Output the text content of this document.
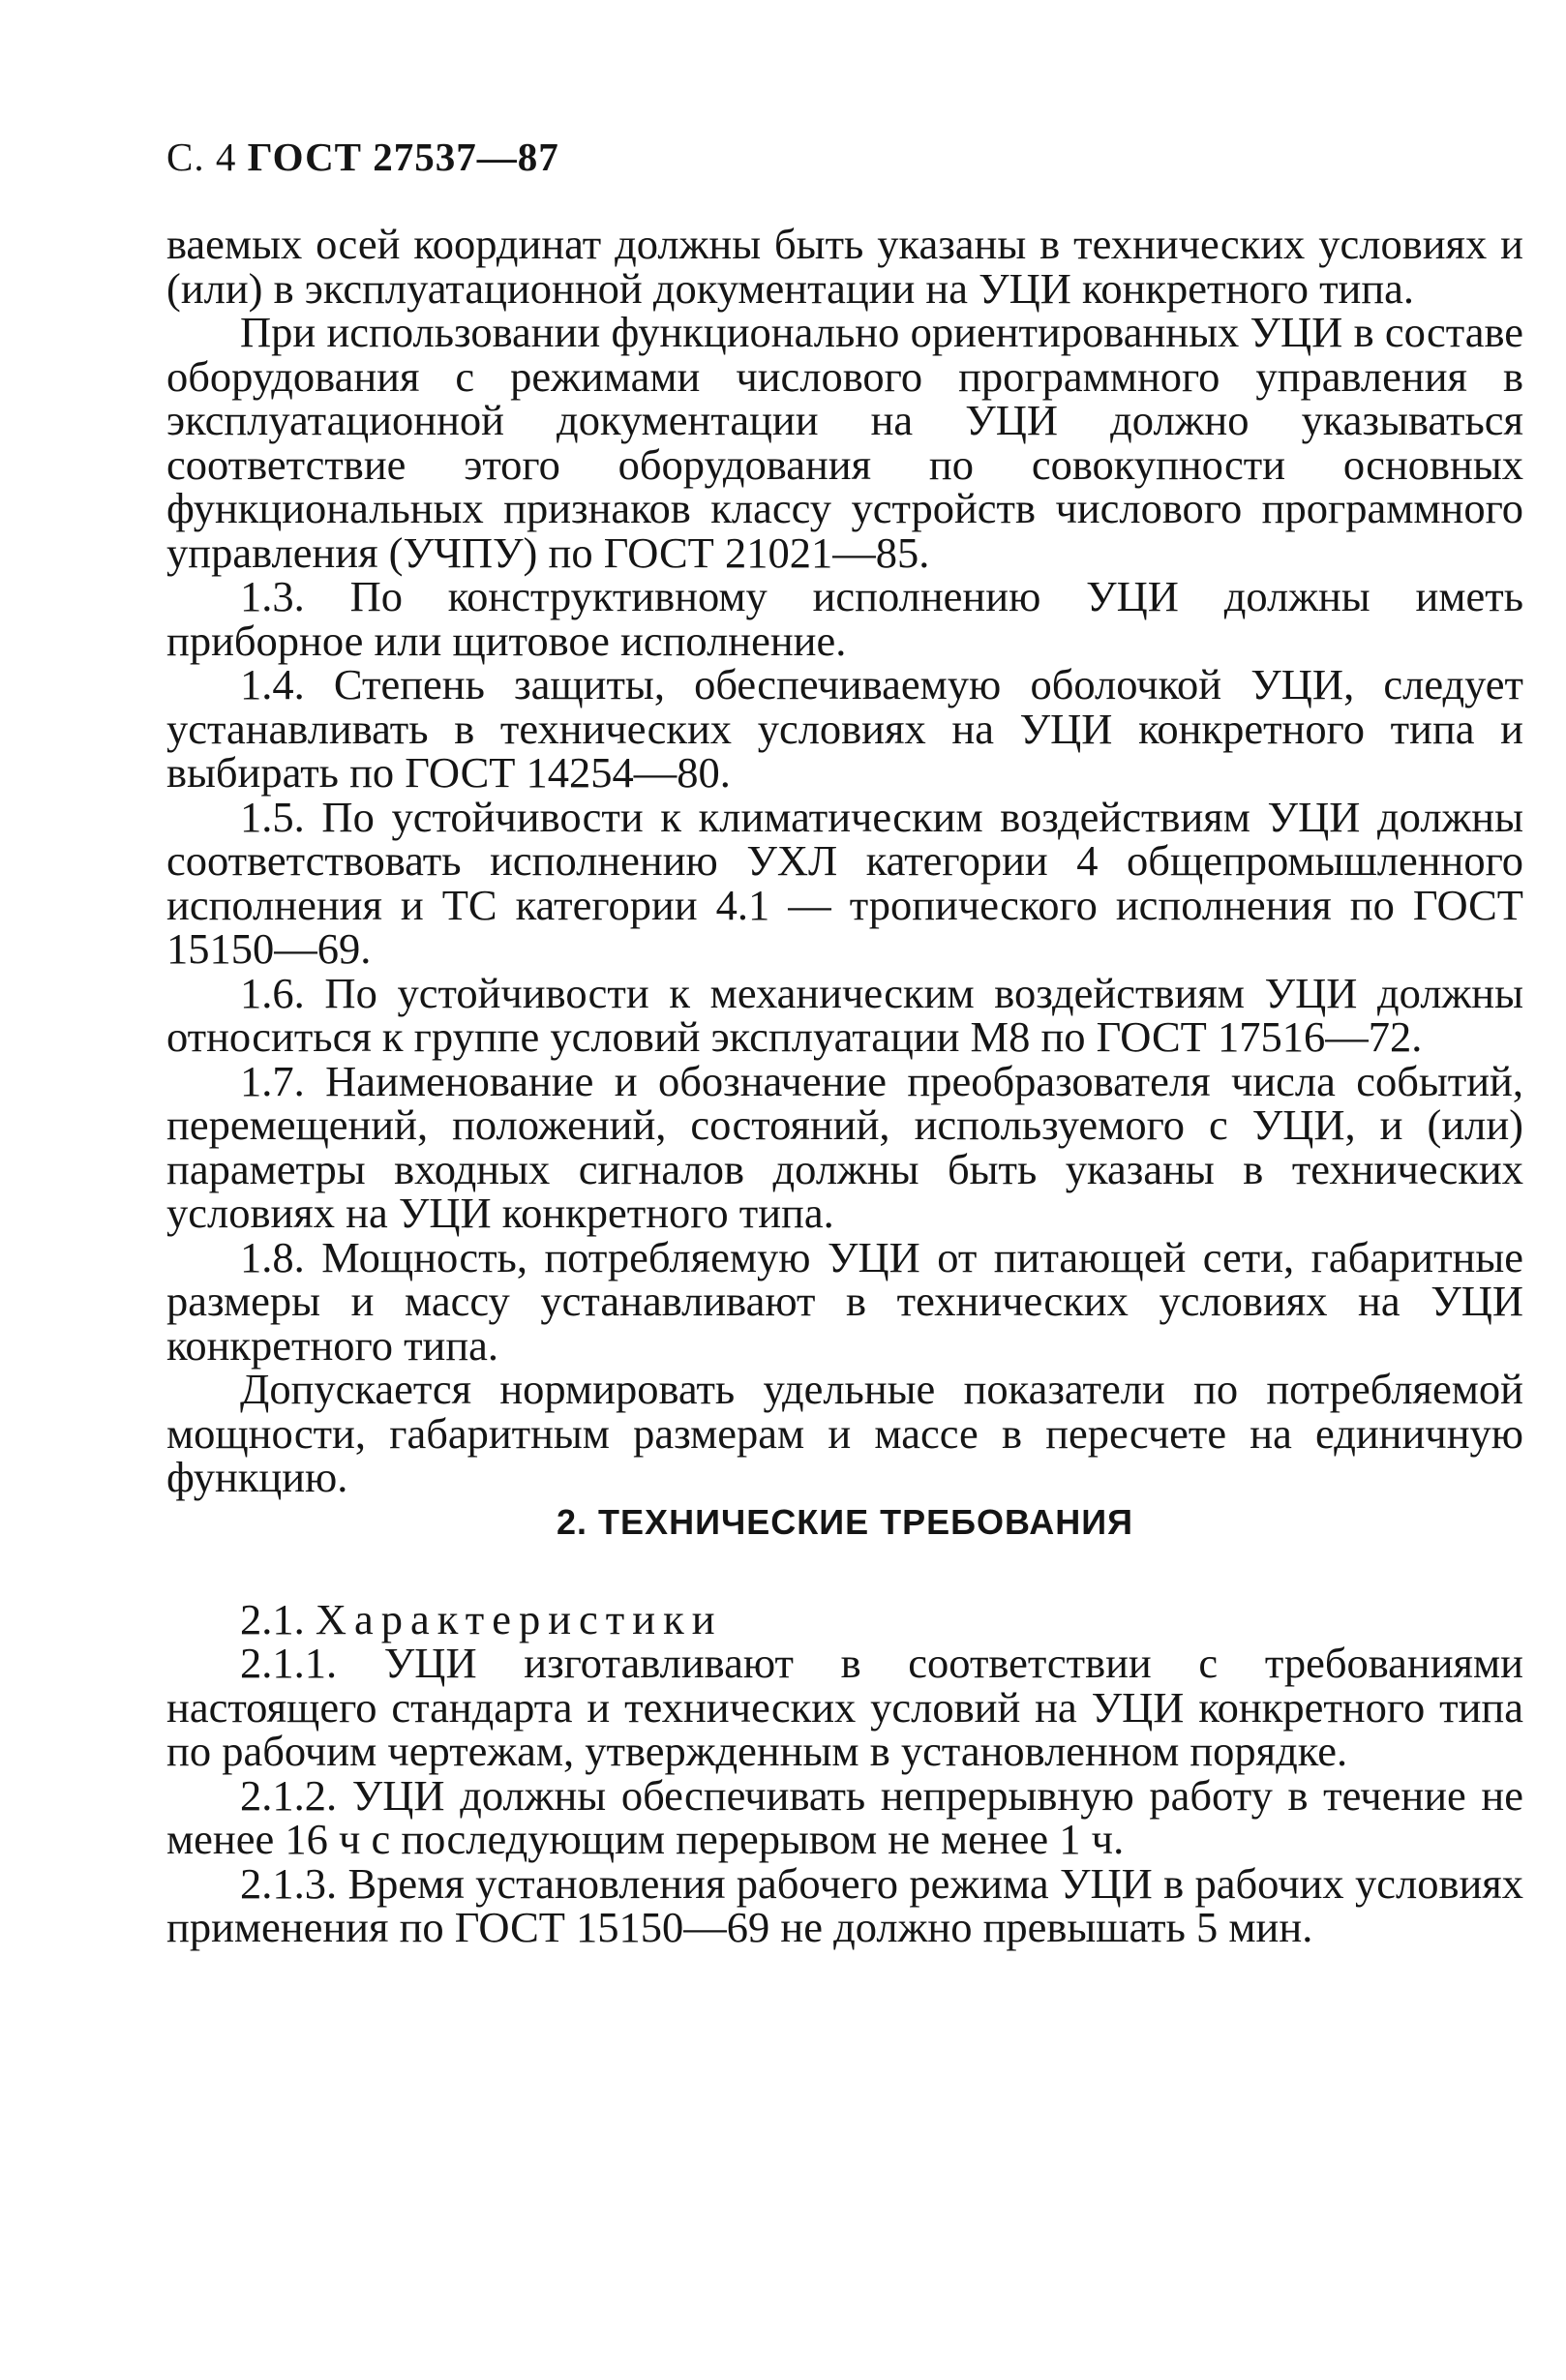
С. 4 ГОСТ 27537—87

ваемых осей координат должны быть указаны в технических условиях и (или) в эксплуатационной документации на УЦИ конкретного типа.

При использовании функционально ориентированных УЦИ в составе оборудования с режимами числового программного управления в эксплуатационной документации на УЦИ должно указываться соответствие этого оборудования по совокупности основных функциональных признаков классу устройств числового программного управления (УЧПУ) по ГОСТ 21021—85.

1.3. По конструктивному исполнению УЦИ должны иметь приборное или щитовое исполнение.

1.4. Степень защиты, обеспечиваемую оболочкой УЦИ, следует устанавливать в технических условиях на УЦИ конкретного типа и выбирать по ГОСТ 14254—80.

1.5. По устойчивости к климатическим воздействиям УЦИ должны соответствовать исполнению УХЛ категории 4 общепромышленного исполнения и ТС категории 4.1 — тропического исполнения по ГОСТ 15150—69.

1.6. По устойчивости к механическим воздействиям УЦИ должны относиться к группе условий эксплуатации М8 по ГОСТ 17516—72.

1.7. Наименование и обозначение преобразователя числа событий, перемещений, положений, состояний, используемого с УЦИ, и (или) параметры входных сигналов должны быть указаны в технических условиях на УЦИ конкретного типа.

1.8. Мощность, потребляемую УЦИ от питающей сети, габаритные размеры и массу устанавливают в технических условиях на УЦИ конкретного типа.

Допускается нормировать удельные показатели по потребляемой мощности, габаритным размерам и массе в пересчете на единичную функцию.

2. ТЕХНИЧЕСКИЕ ТРЕБОВАНИЯ

2.1. Характеристики

2.1.1. УЦИ изготавливают в соответствии с требованиями настоящего стандарта и технических условий на УЦИ конкретного типа по рабочим чертежам, утвержденным в установленном порядке.

2.1.2. УЦИ должны обеспечивать непрерывную работу в течение не менее 16 ч с последующим перерывом не менее 1 ч.

2.1.3. Время установления рабочего режима УЦИ в рабочих условиях применения по ГОСТ 15150—69 не должно превышать 5 мин.
